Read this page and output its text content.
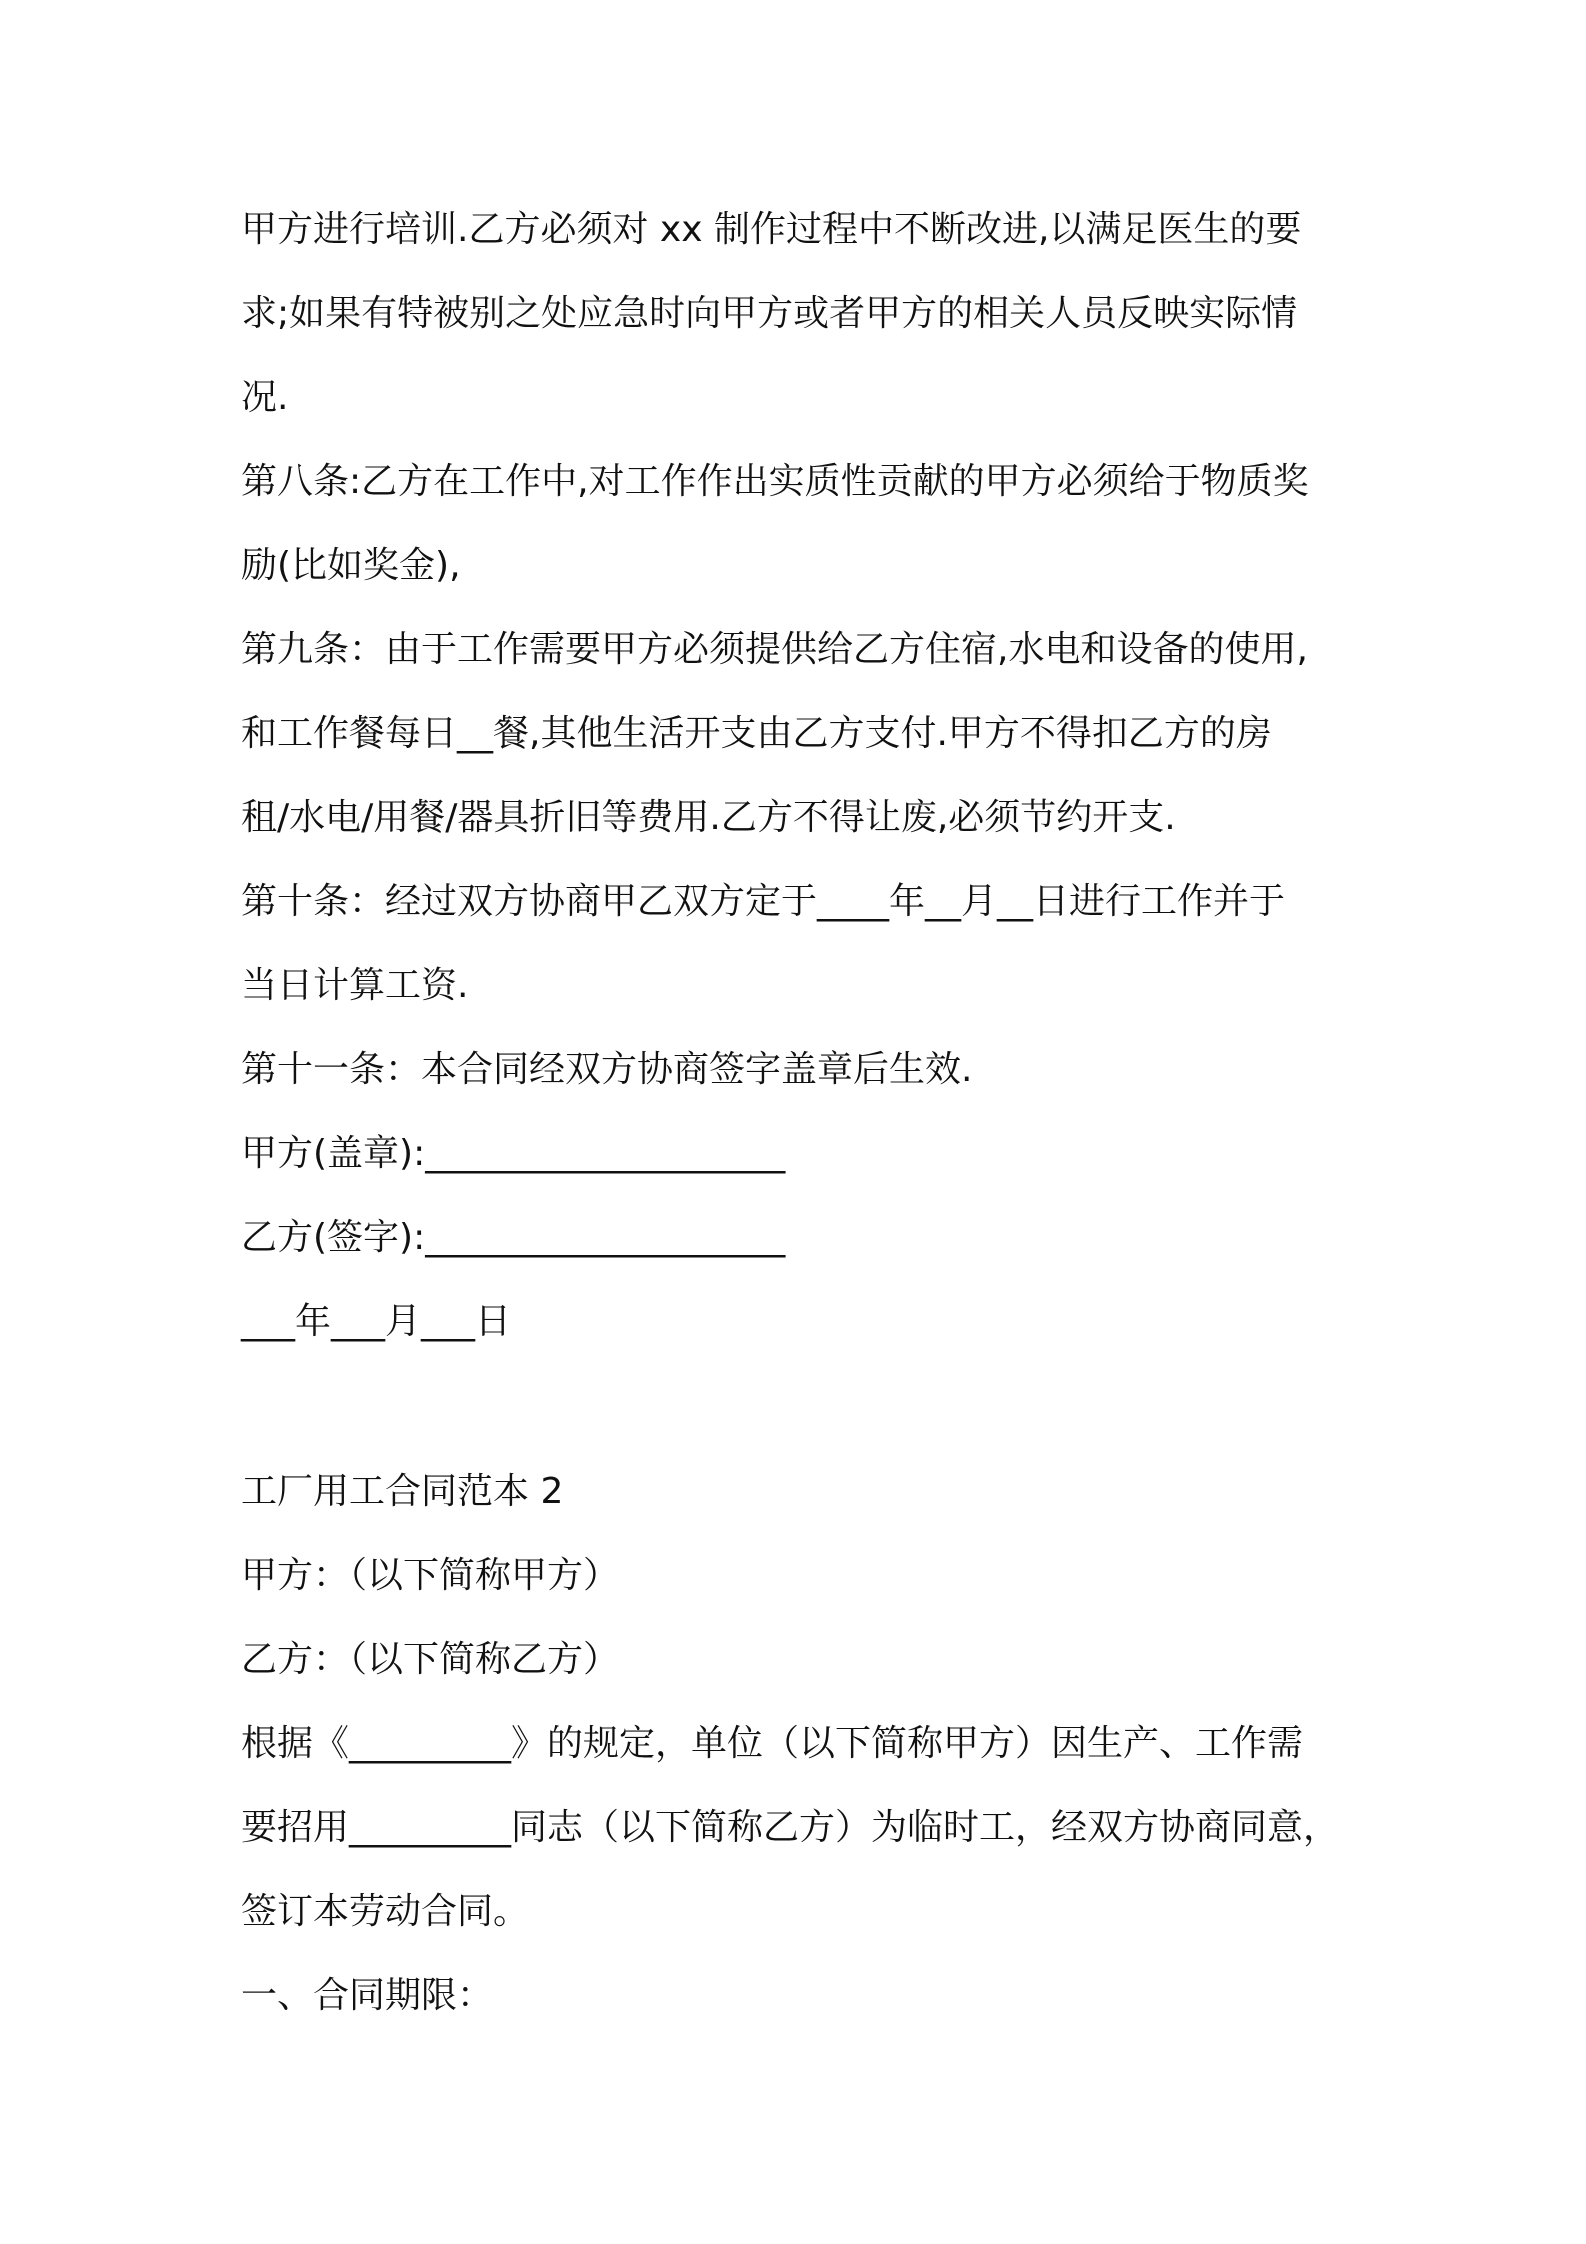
甲方进行培训.乙方必须对 xx 制作过程中不断改进,以满足医生的要
求;如果有特被别之处应急时向甲方或者甲方的相关人员反映实际情
况.
第八条:乙方在工作中,对工作作出实质性贡献的甲方必须给于物质奖
励(比如奖金),
第九条：由于工作需要甲方必须提供给乙方住宿,水电和设备的使用,
和工作餐每日__餐,其他生活开支由乙方支付.甲方不得扣乙方的房
租/水电/用餐/器具折旧等费用.乙方不得让废,必须节约开支.
第十条：经过双方协商甲乙双方定于____年__月__日进行工作并于
当日计算工资.
第十一条：本合同经双方协商签字盖章后生效.
甲方(盖章):____________________
乙方(签字):____________________
___年___月___日
工厂用工合同范本 2
甲方：（以下简称甲方）
乙方：（以下简称乙方）
根据《_________》的规定，单位（以下简称甲方）因生产、工作需
要招用_________同志（以下简称乙方）为临时工，经双方协商同意，
签订本劳动合同。
一、合同期限：
